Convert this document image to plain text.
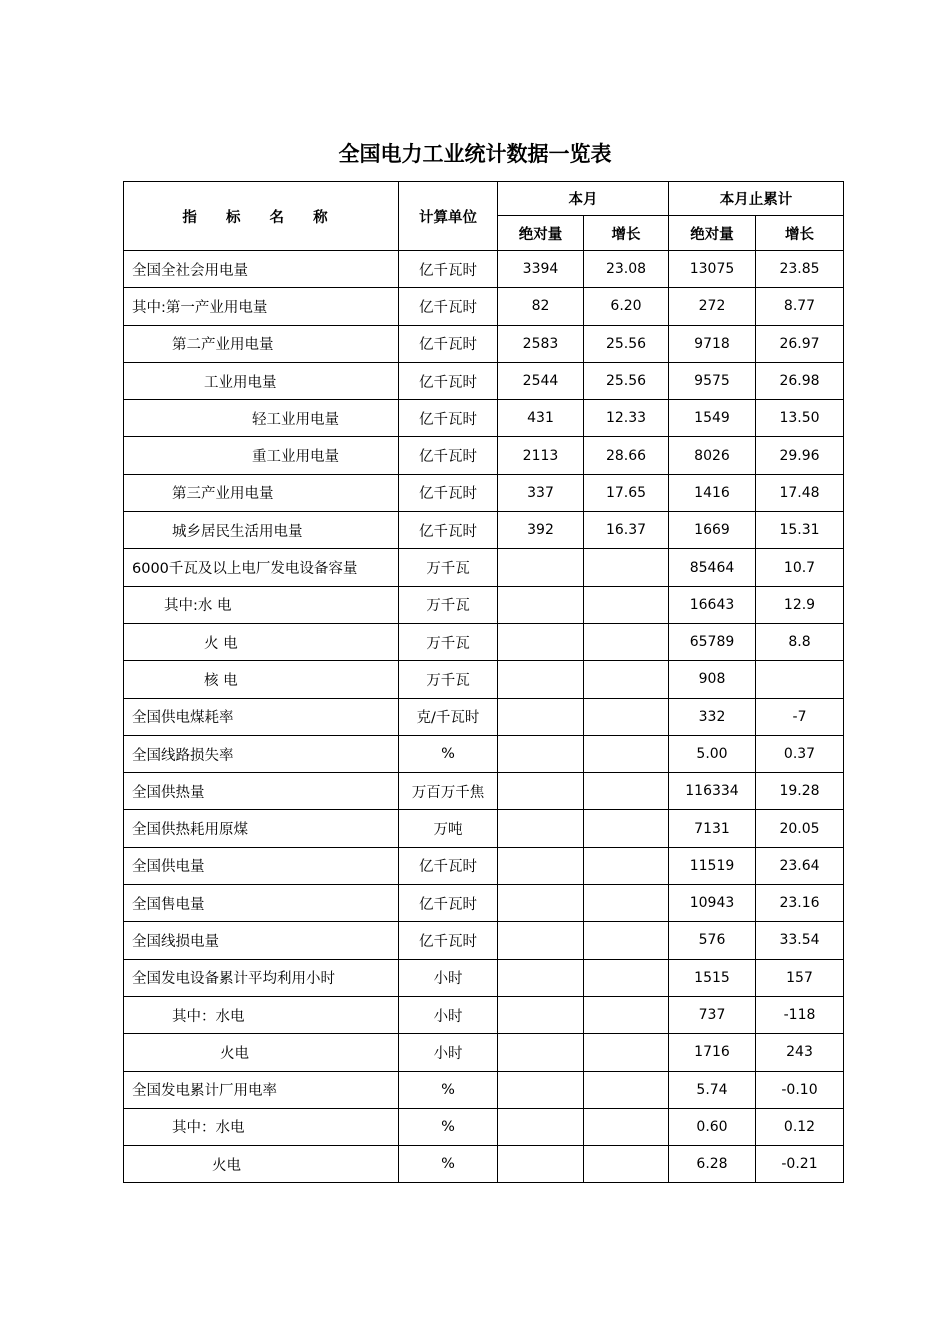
全国电力工业统计数据一览表
指 标 名 称	计算单位	本月		本月止累计	
		绝对量	增长	绝对量	增长
全国全社会用电量	亿千瓦时	3394	23.08	13075	23.85
其中:第一产业用电量	亿千瓦时	82	6.20	272	8.77
第二产业用电量	亿千瓦时	2583	25.56	9718	26.97
工业用电量	亿千瓦时	2544	25.56	9575	26.98
轻工业用电量	亿千瓦时	431	12.33	1549	13.50
重工业用电量	亿千瓦时	2113	28.66	8026	29.96
第三产业用电量	亿千瓦时	337	17.65	1416	17.48
城乡居民生活用电量	亿千瓦时	392	16.37	1669	15.31
6000千瓦及以上电厂发电设备容量	万千瓦			85464	10.7
其中:水 电	万千瓦			16643	12.9
火 电	万千瓦			65789	8.8
核 电	万千瓦			908	
全国供电煤耗率	克/千瓦时			332	-7
全国线路损失率	%			5.00	0.37
全国供热量	万百万千焦			116334	19.28
全国供热耗用原煤	万吨			7131	20.05
全国供电量	亿千瓦时			11519	23.64
全国售电量	亿千瓦时			10943	23.16
全国线损电量	亿千瓦时			576	33.54
全国发电设备累计平均利用小时	小时			1515	157
其中：水电	小时			737	-118
火电	小时			1716	243
全国发电累计厂用电率	%			5.74	-0.10
其中：水电	%			0.60	0.12
火电	%			6.28	-0.21
